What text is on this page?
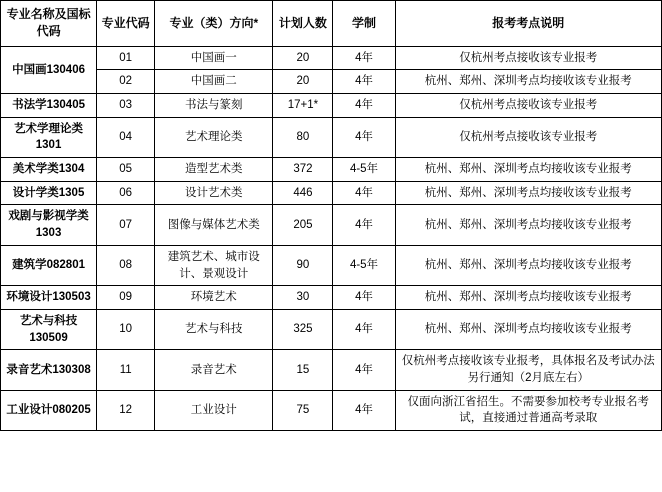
专业名称及国标代码	专业代码	专业（类）方向*	计划人数	学制	报考考点说明
中国画130406	01	中国画一	20	4年	仅杭州考点接收该专业报考
	02	中国画二	20	4年	杭州、郑州、深圳考点均接收该专业报考
书法学130405	03	书法与篆刻	17+1*	4年	仅杭州考点接收该专业报考
艺术学理论类1301	04	艺术理论类	80	4年	仅杭州考点接收该专业报考
美术学类1304	05	造型艺术类	372	4-5年	杭州、郑州、深圳考点均接收该专业报考
设计学类1305	06	设计艺术类	446	4年	杭州、郑州、深圳考点均接收该专业报考
戏剧与影视学类1303	07	图像与媒体艺术类	205	4年	杭州、郑州、深圳考点均接收该专业报考
建筑学082801	08	建筑艺术、城市设计、景观设计	90	4-5年	杭州、郑州、深圳考点均接收该专业报考
环境设计130503	09	环境艺术	30	4年	杭州、郑州、深圳考点均接收该专业报考
艺术与科技130509	10	艺术与科技	325	4年	杭州、郑州、深圳考点均接收该专业报考
录音艺术130308	11	录音艺术	15	4年	仅杭州考点接收该专业报考，具体报名及考试办法另行通知（2月底左右）
工业设计080205	12	工业设计	75	4年	仅面向浙江省招生。不需要参加校考专业报名考试，直接通过普通高考录取
